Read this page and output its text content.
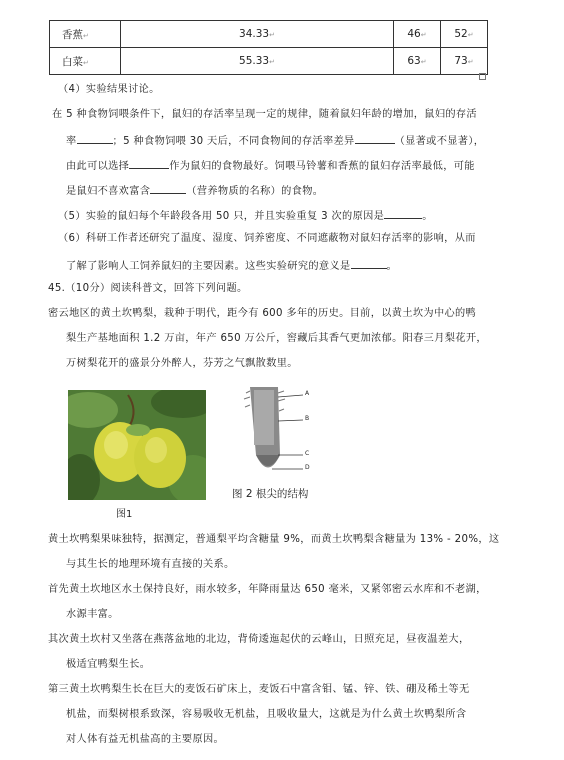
香蕉↵	34.33↵	46↵	52↵
白菜↵	55.33↵	63↵	73↵
（4）实验结果讨论。
在 5 种食物饲喂条件下，鼠妇的存活率呈现一定的规律，随着鼠妇年龄的增加，鼠妇的存活
率	；5 种食物饲喂 30 天后，不同食物间的存活率差异	（显著或不显著），
由此可以选择	作为鼠妇的食物最好。饲喂马铃薯和香蕉的鼠妇存活率最低，可能
是鼠妇不喜欢富含	（营养物质的名称）的食物。
（5）实验的鼠妇每个年龄段各用 50 只，并且实验重复 3 次的原因是	。
（6）科研工作者还研究了温度、湿度、饲养密度、不同遮蔽物对鼠妇存活率的影响，从而
了解了影响人工饲养鼠妇的主要因素。这些实验研究的意义是	。
45.（10分）阅读科普文，回答下列问题。
密云地区的黄土坎鸭梨，栽种于明代，距今有 600 多年的历史。目前，以黄土坎为中心的鸭
梨生产基地面积 1.2 万亩，年产 650 万公斤，窖藏后其香气更加浓郁。阳春三月梨花开，
万树梨花开的盛景分外醉人，芬芳之气飘散数里。
图1
A
B
C
D
图 2 根尖的结构
黄土坎鸭梨果味独特，据测定，普通梨平均含糖量 9%，而黄土坎鸭梨含糖量为 13% - 20%，这
与其生长的地理环境有直接的关系。
首先黄土坎地区水土保持良好，雨水较多，年降雨量达 650 毫米，又紧邻密云水库和不老湖，
水源丰富。
其次黄土坎村又坐落在燕落盆地的北边，背倚逶迤起伏的云峰山，日照充足，昼夜温差大，
极适宜鸭梨生长。
第三黄土坎鸭梨生长在巨大的麦饭石矿床上，麦饭石中富含钼、锰、锌、铁、硼及稀土等无
机盐，而梨树根系致深，容易吸收无机盐，且吸收量大，这就是为什么黄土坎鸭梨所含
对人体有益无机盐高的主要原因。
